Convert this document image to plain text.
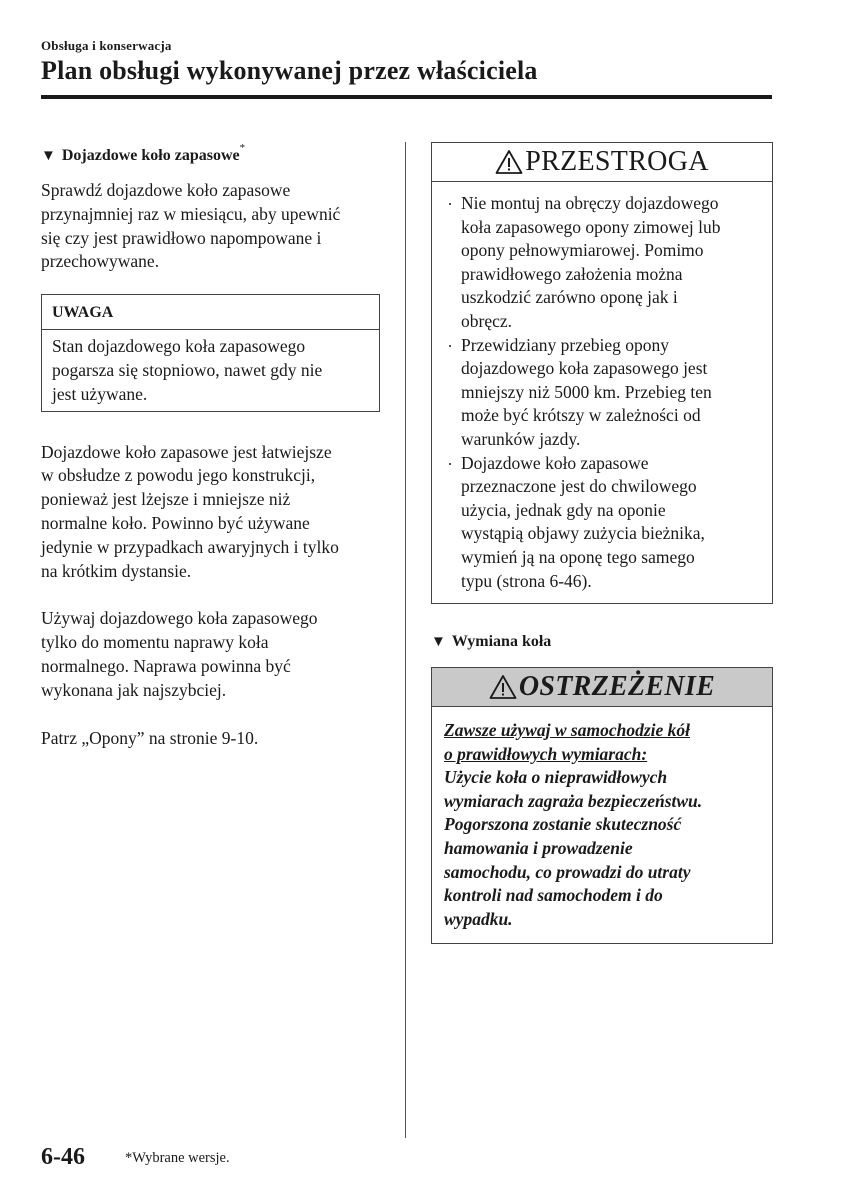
Obsługa i konserwacja
Plan obsługi wykonywanej przez właściciela
▼ Dojazdowe koło zapasowe*

Sprawdź dojazdowe koło zapasowe
przynajmniej raz w miesiącu, aby upewnić
się czy jest prawidłowo napompowane i
przechowywane.

UWAGA
Stan dojazdowego koła zapasowego
pogarsza się stopniowo, nawet gdy nie
jest używane.

Dojazdowe koło zapasowe jest łatwiejsze
w obsłudze z powodu jego konstrukcji,
ponieważ jest lżejsze i mniejsze niż
normalne koło. Powinno być używane
jedynie w przypadkach awaryjnych i tylko
na krótkim dystansie.

Używaj dojazdowego koła zapasowego
tylko do momentu naprawy koła
normalnego. Naprawa powinna być
wykonana jak najszybciej.

Patrz „Opony” na stronie 9-10.

PRZESTROGA
Nie montuj na obręczy dojazdowego
koła zapasowego opony zimowej lub
opony pełnowymiarowej. Pomimo
prawidłowego założenia można
uszkodzić zarówno oponę jak i
obręcz.
Przewidziany przebieg opony
dojazdowego koła zapasowego jest
mniejszy niż 5000 km. Przebieg ten
może być krótszy w zależności od
warunków jazdy.
Dojazdowe koło zapasowe
przeznaczone jest do chwilowego
użycia, jednak gdy na oponie
wystąpią objawy zużycia bieżnika,
wymień ją na oponę tego samego
typu (strona 6-46).
▼ Wymiana koła
OSTRZEŻENIE
Zawsze używaj w samochodzie kół
o prawidłowych wymiarach:
Użycie koła o nieprawidłowych
wymiarach zagraża bezpieczeństwu.
Pogorszona zostanie skuteczność
hamowania i prowadzenie
samochodu, co prowadzi do utraty
kontroli nad samochodem i do
wypadku.
6-46	*Wybrane wersje.
